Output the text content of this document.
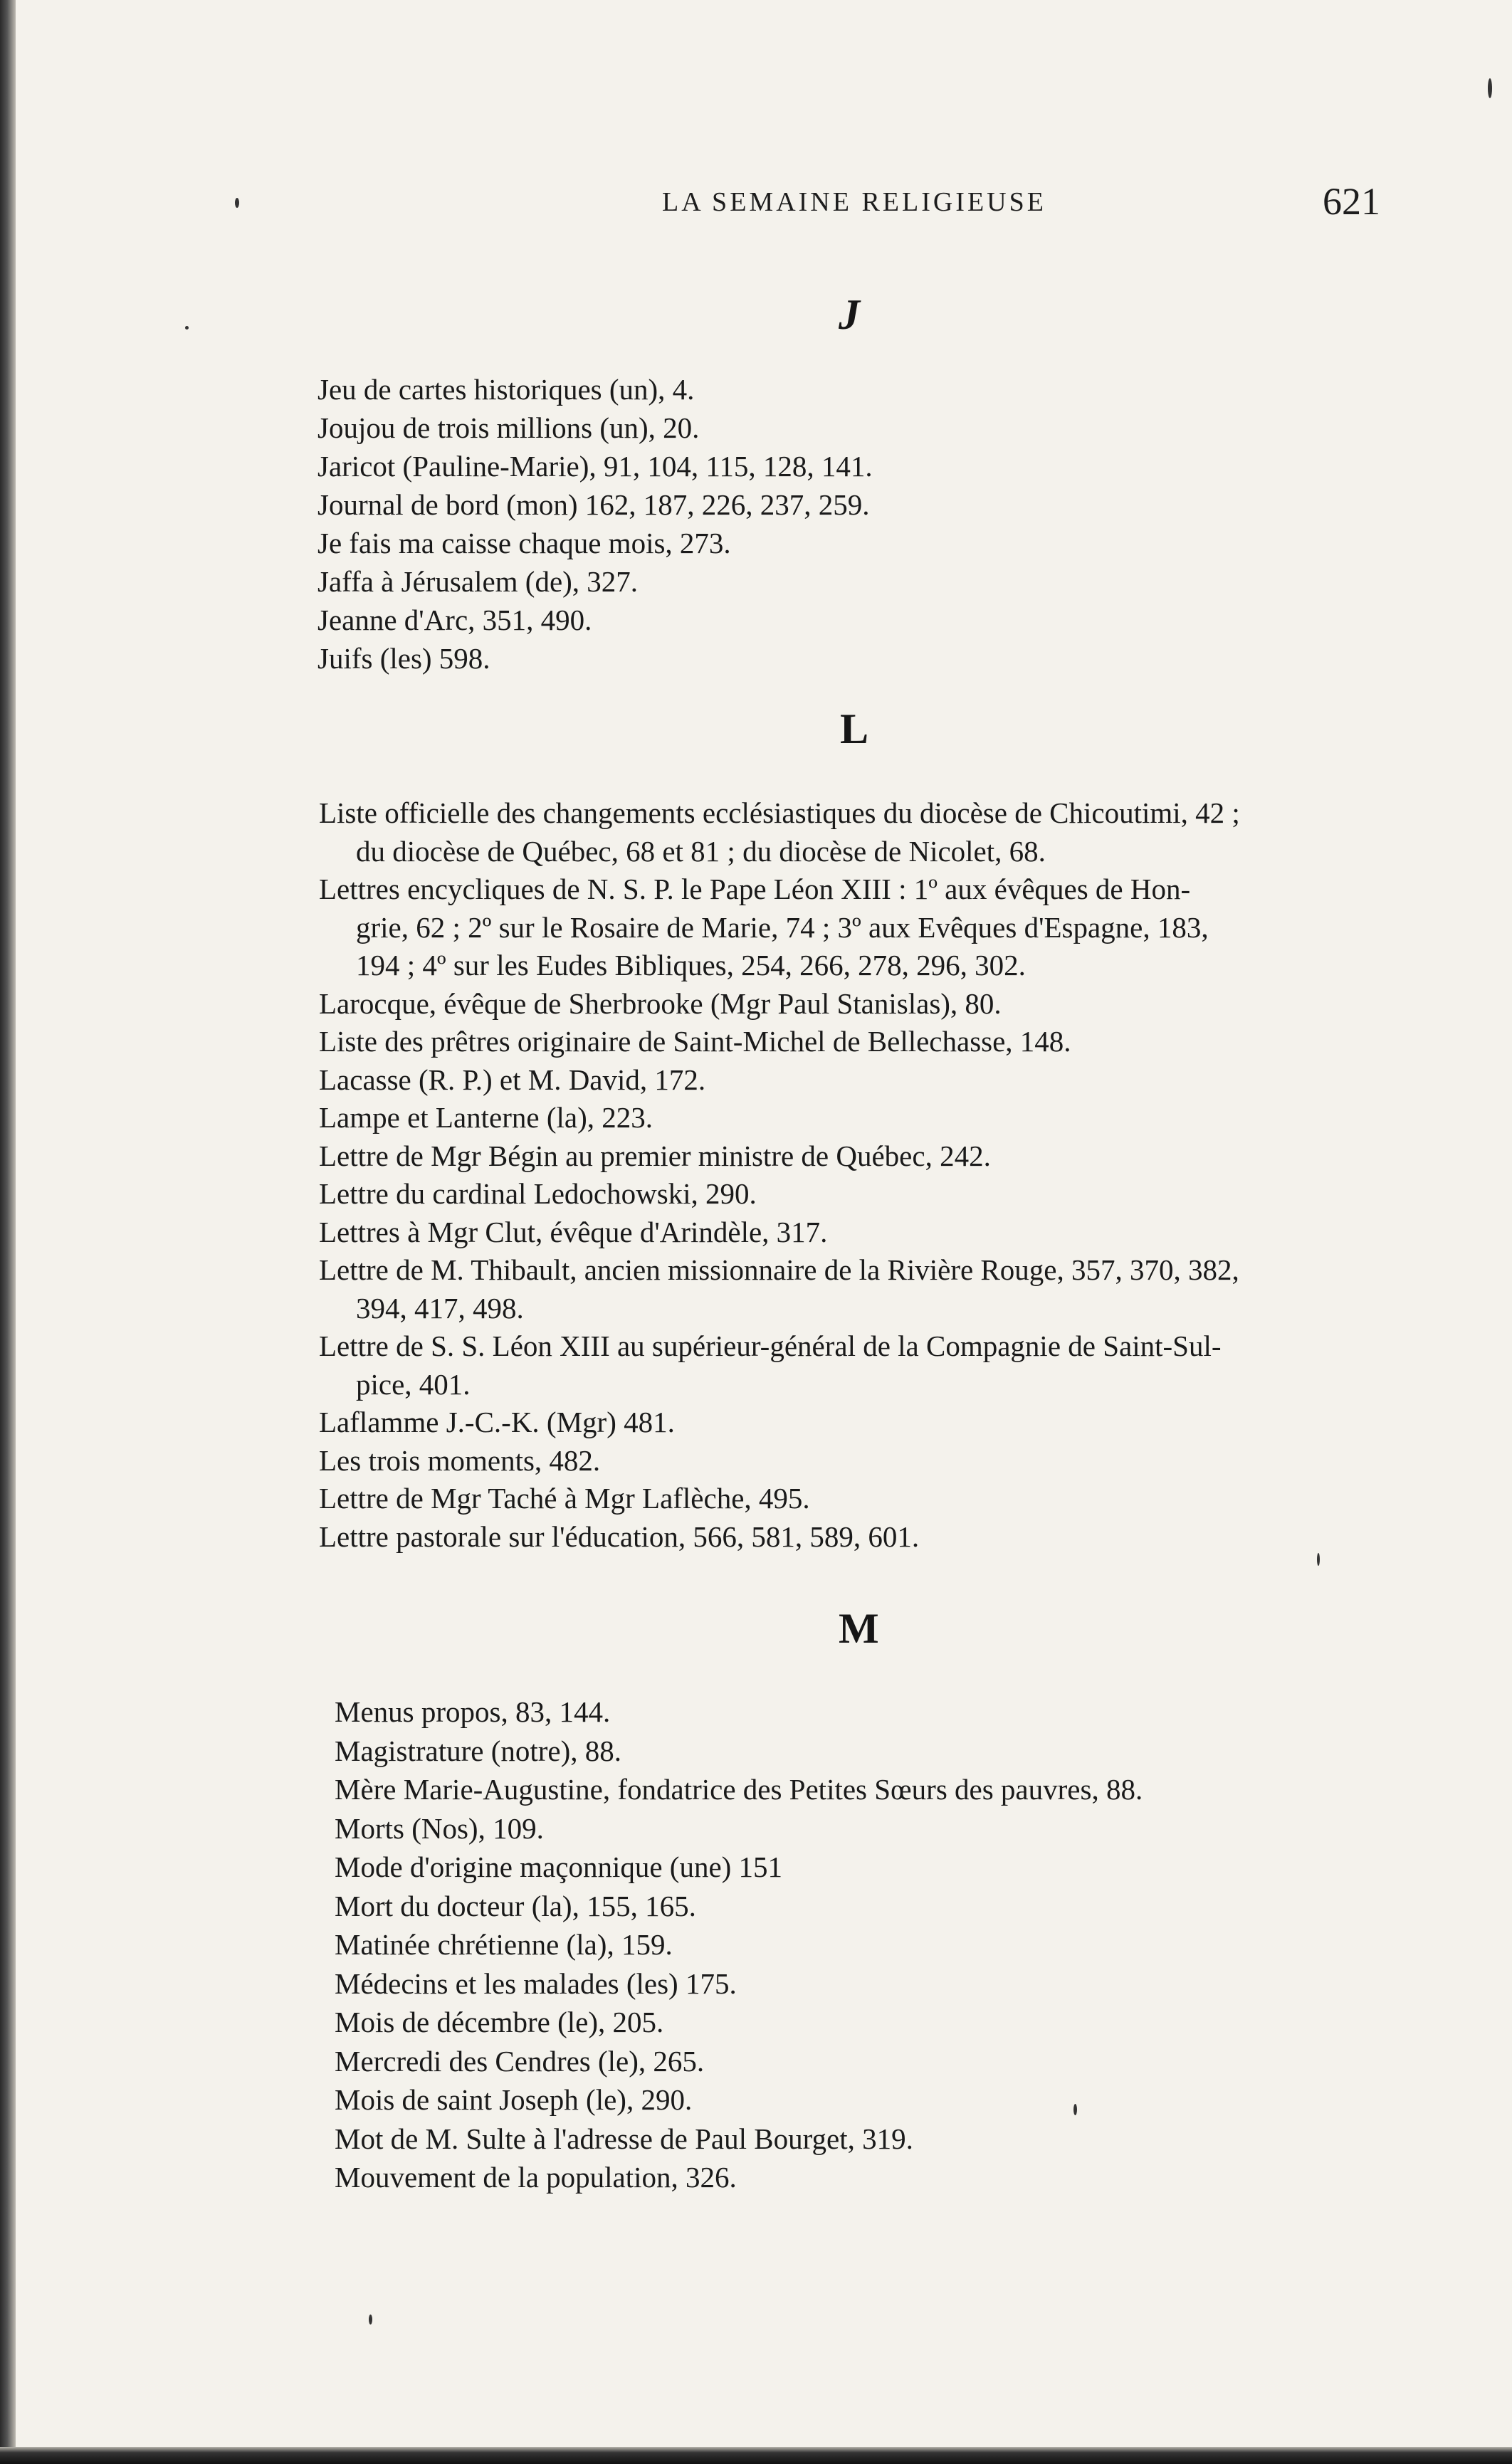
LA SEMAINE RELIGIEUSE	621
J
Jeu de cartes historiques (un), 4.
Joujou de trois millions (un), 20.
Jaricot (Pauline-Marie), 91, 104, 115, 128, 141.
Journal de bord (mon) 162, 187, 226, 237, 259.
Je fais ma caisse chaque mois, 273.
Jaffa à Jérusalem (de), 327.
Jeanne d'Arc, 351, 490.
Juifs (les) 598.
L
Liste officielle des changements ecclésiastiques du diocèse de Chicoutimi, 42 ;
du diocèse de Québec, 68 et 81 ; du diocèse de Nicolet, 68.
Lettres encycliques de N. S. P. le Pape Léon XIII : 1º aux évêques de Hon-
grie, 62 ; 2º sur le Rosaire de Marie, 74 ; 3º aux Evêques d'Espagne, 183,
194 ; 4º sur les Eudes Bibliques, 254, 266, 278, 296, 302.
Larocque, évêque de Sherbrooke (Mgr Paul Stanislas), 80.
Liste des prêtres originaire de Saint-Michel de Bellechasse, 148.
Lacasse (R. P.) et M. David, 172.
Lampe et Lanterne (la), 223.
Lettre de Mgr Bégin au premier ministre de Québec, 242.
Lettre du cardinal Ledochowski, 290.
Lettres à Mgr Clut, évêque d'Arindèle, 317.
Lettre de M. Thibault, ancien missionnaire de la Rivière Rouge, 357, 370, 382,
394, 417, 498.
Lettre de S. S. Léon XIII au supérieur-général de la Compagnie de Saint-Sul-
pice, 401.
Laflamme J.-C.-K. (Mgr) 481.
Les trois moments, 482.
Lettre de Mgr Taché à Mgr Laflèche, 495.
Lettre pastorale sur l'éducation, 566, 581, 589, 601.
M
Menus propos, 83, 144.
Magistrature (notre), 88.
Mère Marie-Augustine, fondatrice des Petites Sœurs des pauvres, 88.
Morts (Nos), 109.
Mode d'origine maçonnique (une) 151
Mort du docteur (la), 155, 165.
Matinée chrétienne (la), 159.
Médecins et les malades (les) 175.
Mois de décembre (le), 205.
Mercredi des Cendres (le), 265.
Mois de saint Joseph (le), 290.
Mot de M. Sulte à l'adresse de Paul Bourget, 319.
Mouvement de la population, 326.
